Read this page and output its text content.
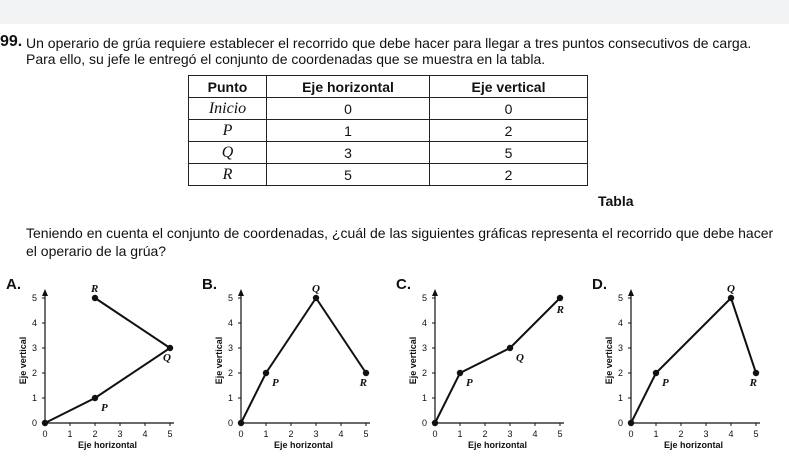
99. Un operario de grúa requiere establecer el recorrido que debe hacer para llegar a tres puntos consecutivos de carga. Para ello, su jefe le entregó el conjunto de coordenadas que se muestra en la tabla.
Punto	Eje horizontal	Eje vertical
Inicio	0	0
P	1	2
Q	3	5
R	5	2
Tabla
Teniendo en cuenta el conjunto de coordenadas, ¿cuál de las siguientes gráficas representa el recorrido que debe hacer el operario de la grúa?
A.
0 1 2 3 4 5
0
1
2
3
4
5
Eje horizontal
Eje vertical
P
Q
R	B.
0 1 2 3 4 5
0
1
2
3
4
5
Eje horizontal
Eje vertical	P
Q
R
C.
0 1 2 3 4 5
0
1
2
3
4
5
Eje horizontal
Eje vertical	P
Q
R
D.
0 1 2 3 4 5
0
1
2
3
4
5
Eje horizontal
Eje vertical	P
Q
R
